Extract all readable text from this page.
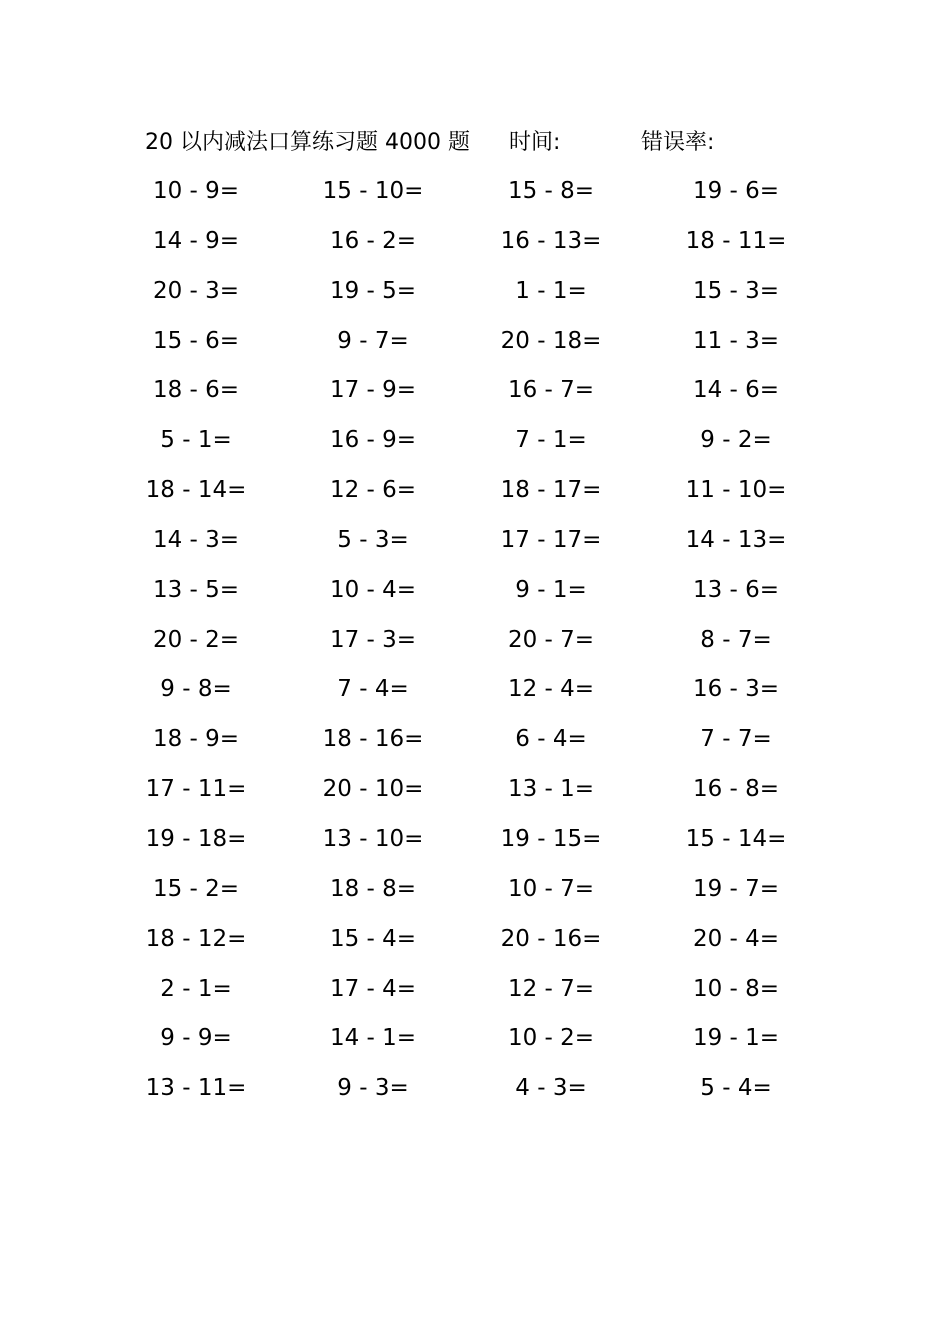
20 以内减法口算练习题 4000 题 时间:	错误率:
10 - 9=	15 - 10=	15 - 8=	19 - 6=
14 - 9=	16 - 2=	16 - 13=	18 - 11=
20 - 3=	19 - 5=	1 - 1=	15 - 3=
15 - 6=	9 - 7=	20 - 18=	11 - 3=
18 - 6=	17 - 9=	16 - 7=	14 - 6=
5 - 1=	16 - 9=	7 - 1=	9 - 2=
18 - 14=	12 - 6=	18 - 17=	11 - 10=
14 - 3=	5 - 3=	17 - 17=	14 - 13=
13 - 5=	10 - 4=	9 - 1=	13 - 6=
20 - 2=	17 - 3=	20 - 7=	8 - 7=
9 - 8=	7 - 4=	12 - 4=	16 - 3=
18 - 9=	18 - 16=	6 - 4=	7 - 7=
17 - 11=	20 - 10=	13 - 1=	16 - 8=
19 - 18=	13 - 10=	19 - 15=	15 - 14=
15 - 2=	18 - 8=	10 - 7=	19 - 7=
18 - 12=	15 - 4=	20 - 16=	20 - 4=
2 - 1=	17 - 4=	12 - 7=	10 - 8=
9 - 9=	14 - 1=	10 - 2=	19 - 1=
13 - 11=	9 - 3=	4 - 3=	5 - 4=
